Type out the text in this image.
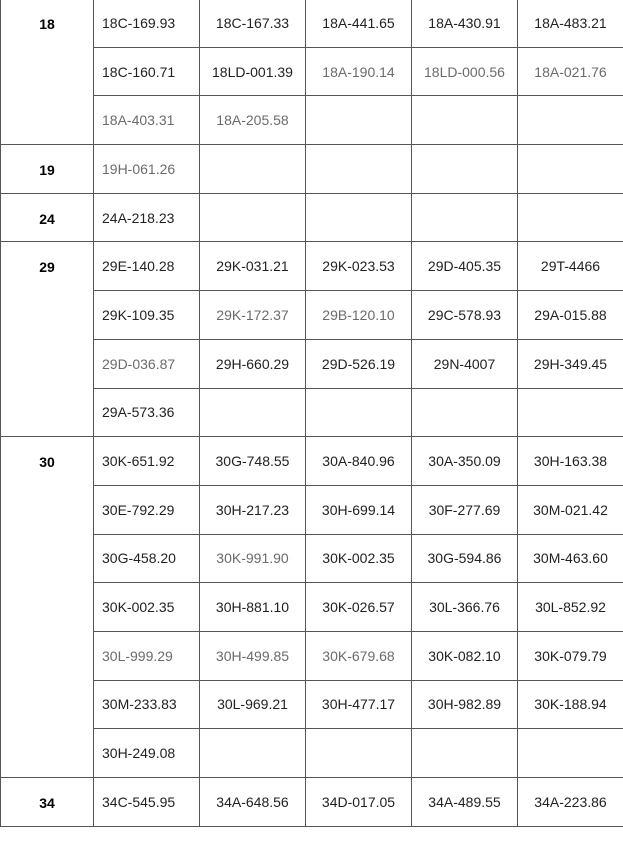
18	18C-169.93	18C-167.33	18A-441.65	18A-430.91	18A-483.21
	18C-160.71	18LD-001.39	18A-190.14	18LD-000.56	18A-021.76
	18A-403.31	18A-205.58			
19	19H-061.26				
24	24A-218.23				
29	29E-140.28	29K-031.21	29K-023.53	29D-405.35	29T-4466
	29K-109.35	29K-172.37	29B-120.10	29C-578.93	29A-015.88
	29D-036.87	29H-660.29	29D-526.19	29N-4007	29H-349.45
	29A-573.36				
30	30K-651.92	30G-748.55	30A-840.96	30A-350.09	30H-163.38
	30E-792.29	30H-217.23	30H-699.14	30F-277.69	30M-021.42
	30G-458.20	30K-991.90	30K-002.35	30G-594.86	30M-463.60
	30K-002.35	30H-881.10	30K-026.57	30L-366.76	30L-852.92
	30L-999.29	30H-499.85	30K-679.68	30K-082.10	30K-079.79
	30M-233.83	30L-969.21	30H-477.17	30H-982.89	30K-188.94
	30H-249.08				
34	34C-545.95	34A-648.56	34D-017.05	34A-489.55	34A-223.86
